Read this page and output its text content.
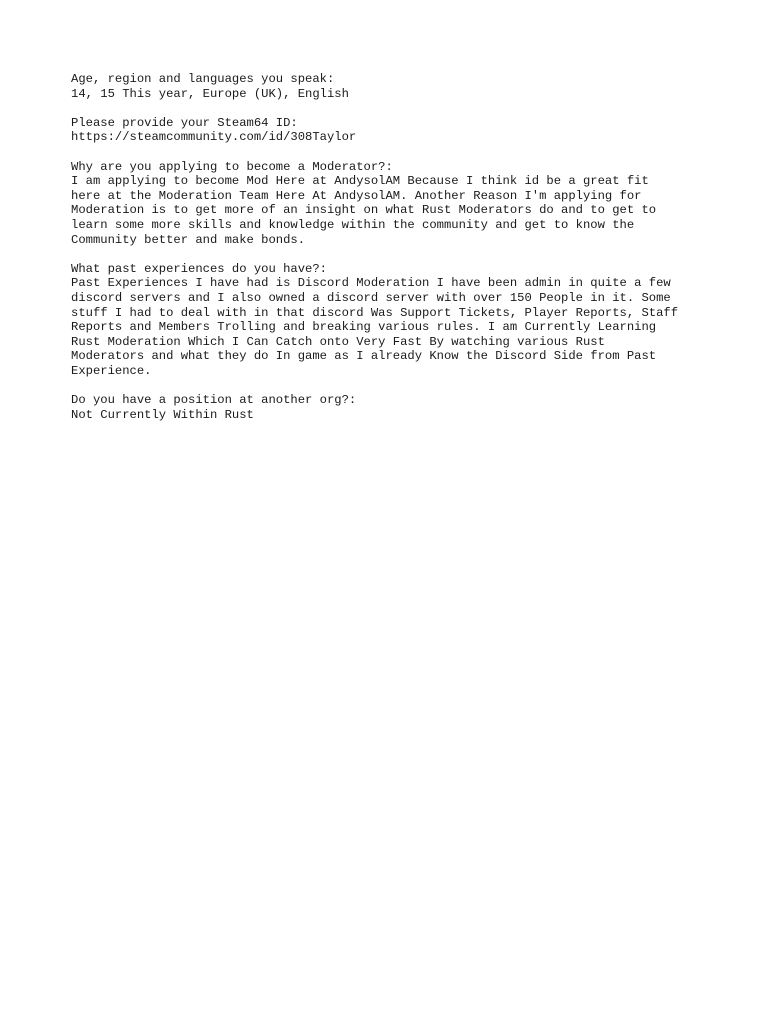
Age, region and languages you speak:
14, 15 This year, Europe (UK), English
Please provide your Steam64 ID:
https://steamcommunity.com/id/308Taylor
Why are you applying to become a Moderator?:
I am applying to become Mod Here at AndysolAM Because I think id be a great fit
here at the Moderation Team Here At AndysolAM. Another Reason I'm applying for
Moderation is to get more of an insight on what Rust Moderators do and to get to
learn some more skills and knowledge within the community and get to know the
Community better and make bonds.
What past experiences do you have?:
Past Experiences I have had is Discord Moderation I have been admin in quite a few
discord servers and I also owned a discord server with over 150 People in it. Some
stuff I had to deal with in that discord Was Support Tickets, Player Reports, Staff
Reports and Members Trolling and breaking various rules. I am Currently Learning
Rust Moderation Which I Can Catch onto Very Fast By watching various Rust
Moderators and what they do In game as I already Know the Discord Side from Past
Experience.
Do you have a position at another org?:
Not Currently Within Rust
